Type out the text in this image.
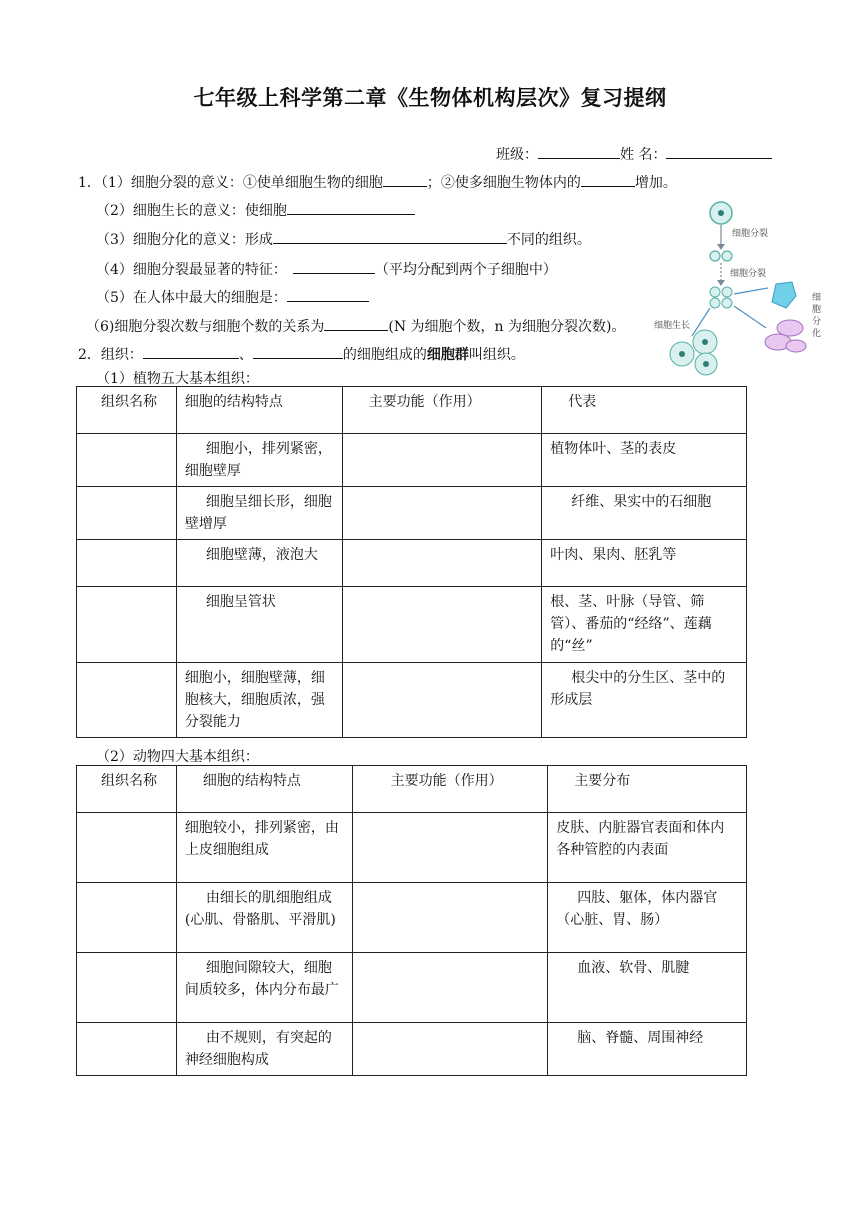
七年级上科学第二章《生物体机构层次》复习提纲
班级：	姓 名：
1．（1）细胞分裂的意义：①使单细胞生物的细胞	；②使多细胞生物体内的	增加。
（2）细胞生长的意义：使细胞
（3）细胞分化的意义：形成	不同的组织。
（4）细胞分裂最显著的特征：	（平均分配到两个子细胞中）
（5）在人体中最大的细胞是：
（6)细胞分裂次数与细胞个数的关系为	(N 为细胞个数，n 为细胞分裂次数)。
2．组织：	、	的细胞组成的细胞群叫组织。
细胞分裂
细胞分裂
细
胞
分
化
细胞生长
（1）植物五大基本组织：
组织名称	细胞的结构特点	主要功能（作用）	代表
	细胞小，排列紧密，细胞壁厚		植物体叶、茎的表皮
	细胞呈细长形，细胞壁增厚		纤维、果实中的石细胞
	细胞壁薄，液泡大		叶肉、果肉、胚乳等
	细胞呈管状		根、茎、叶脉（导管、筛管）、番茄的“经络”、莲藕的“丝”
	细胞小，细胞壁薄，细胞核大，细胞质浓，强分裂能力		根尖中的分生区、茎中的形成层
（2）动物四大基本组织：
组织名称	细胞的结构特点	主要功能（作用）	主要分布
	细胞较小，排列紧密，由上皮细胞组成		皮肤、内脏器官表面和体内各种管腔的内表面
	由细长的肌细胞组成(心肌、骨骼肌、平滑肌)		四肢、躯体，体内器官（心脏、胃、肠）
	细胞间隙较大，细胞间质较多，体内分布最广		血液、软骨、肌腱
	由不规则，有突起的神经细胞构成		脑、脊髓、周围神经
